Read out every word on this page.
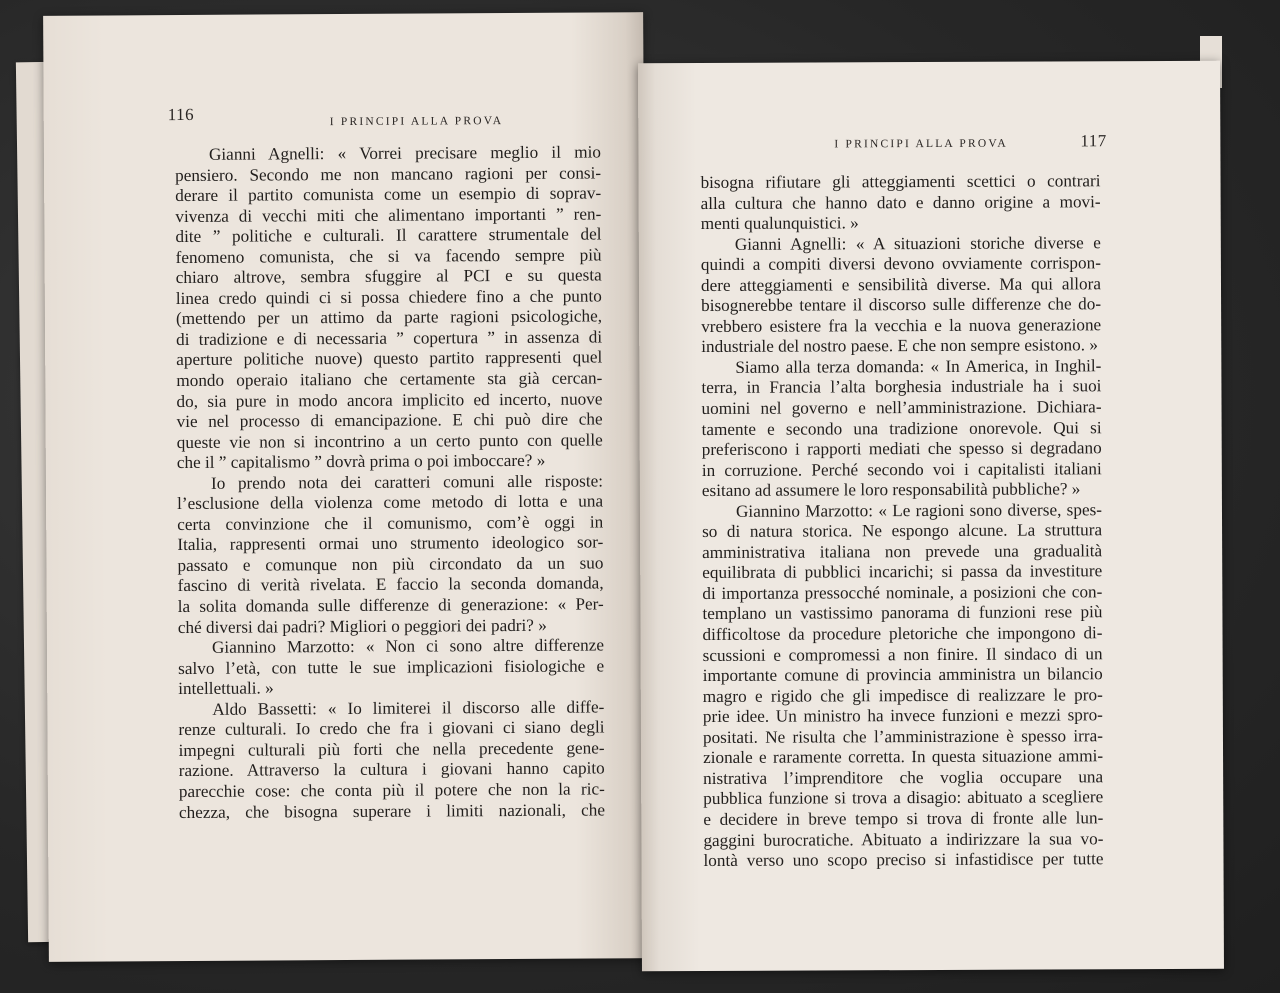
116	I PRINCIPI ALLA PROVA
Gianni Agnelli: « Vorrei precisare meglio il mio
pensiero. Secondo me non mancano ragioni per consi-
derare il partito comunista come un esempio di soprav-
vivenza di vecchi miti che alimentano importanti ” ren-
dite ” politiche e culturali. Il carattere strumentale del
fenomeno comunista, che si va facendo sempre più
chiaro altrove, sembra sfuggire al PCI e su questa
linea credo quindi ci si possa chiedere fino a che punto
(mettendo per un attimo da parte ragioni psicologiche,
di tradizione e di necessaria ” copertura ” in assenza di
aperture politiche nuove) questo partito rappresenti quel
mondo operaio italiano che certamente sta già cercan-
do, sia pure in modo ancora implicito ed incerto, nuove
vie nel processo di emancipazione. E chi può dire che
queste vie non si incontrino a un certo punto con quelle
che il ” capitalismo ” dovrà prima o poi imboccare? »
Io prendo nota dei caratteri comuni alle risposte:
l’esclusione della violenza come metodo di lotta e una
certa convinzione che il comunismo, com’è oggi in
Italia, rappresenti ormai uno strumento ideologico sor-
passato e comunque non più circondato da un suo
fascino di verità rivelata. E faccio la seconda domanda,
la solita domanda sulle differenze di generazione: « Per-
ché diversi dai padri? Migliori o peggiori dei padri? »
Giannino Marzotto: « Non ci sono altre differenze
salvo l’età, con tutte le sue implicazioni fisiologiche e
intellettuali. »
Aldo Bassetti: « Io limiterei il discorso alle diffe-
renze culturali. Io credo che fra i giovani ci siano degli
impegni culturali più forti che nella precedente gene-
razione. Attraverso la cultura i giovani hanno capito
parecchie cose: che conta più il potere che non la ric-
chezza, che bisogna superare i limiti nazionali, che
I PRINCIPI ALLA PROVA	117
bisogna rifiutare gli atteggiamenti scettici o contrari
alla cultura che hanno dato e danno origine a movi-
menti qualunquistici. »
Gianni Agnelli: « A situazioni storiche diverse e
quindi a compiti diversi devono ovviamente corrispon-
dere atteggiamenti e sensibilità diverse. Ma qui allora
bisognerebbe tentare il discorso sulle differenze che do-
vrebbero esistere fra la vecchia e la nuova generazione
industriale del nostro paese. E che non sempre esistono. »
Siamo alla terza domanda: « In America, in Inghil-
terra, in Francia l’alta borghesia industriale ha i suoi
uomini nel governo e nell’amministrazione. Dichiara-
tamente e secondo una tradizione onorevole. Qui si
preferiscono i rapporti mediati che spesso si degradano
in corruzione. Perché secondo voi i capitalisti italiani
esitano ad assumere le loro responsabilità pubbliche? »
Giannino Marzotto: « Le ragioni sono diverse, spes-
so di natura storica. Ne espongo alcune. La struttura
amministrativa italiana non prevede una gradualità
equilibrata di pubblici incarichi; si passa da investiture
di importanza pressocché nominale, a posizioni che con-
templano un vastissimo panorama di funzioni rese più
difficoltose da procedure pletoriche che impongono di-
scussioni e compromessi a non finire. Il sindaco di un
importante comune di provincia amministra un bilancio
magro e rigido che gli impedisce di realizzare le pro-
prie idee. Un ministro ha invece funzioni e mezzi spro-
positati. Ne risulta che l’amministrazione è spesso irra-
zionale e raramente corretta. In questa situazione ammi-
nistrativa l’imprenditore che voglia occupare una
pubblica funzione si trova a disagio: abituato a scegliere
e decidere in breve tempo si trova di fronte alle lun-
gaggini burocratiche. Abituato a indirizzare la sua vo-
lontà verso uno scopo preciso si infastidisce per tutte
